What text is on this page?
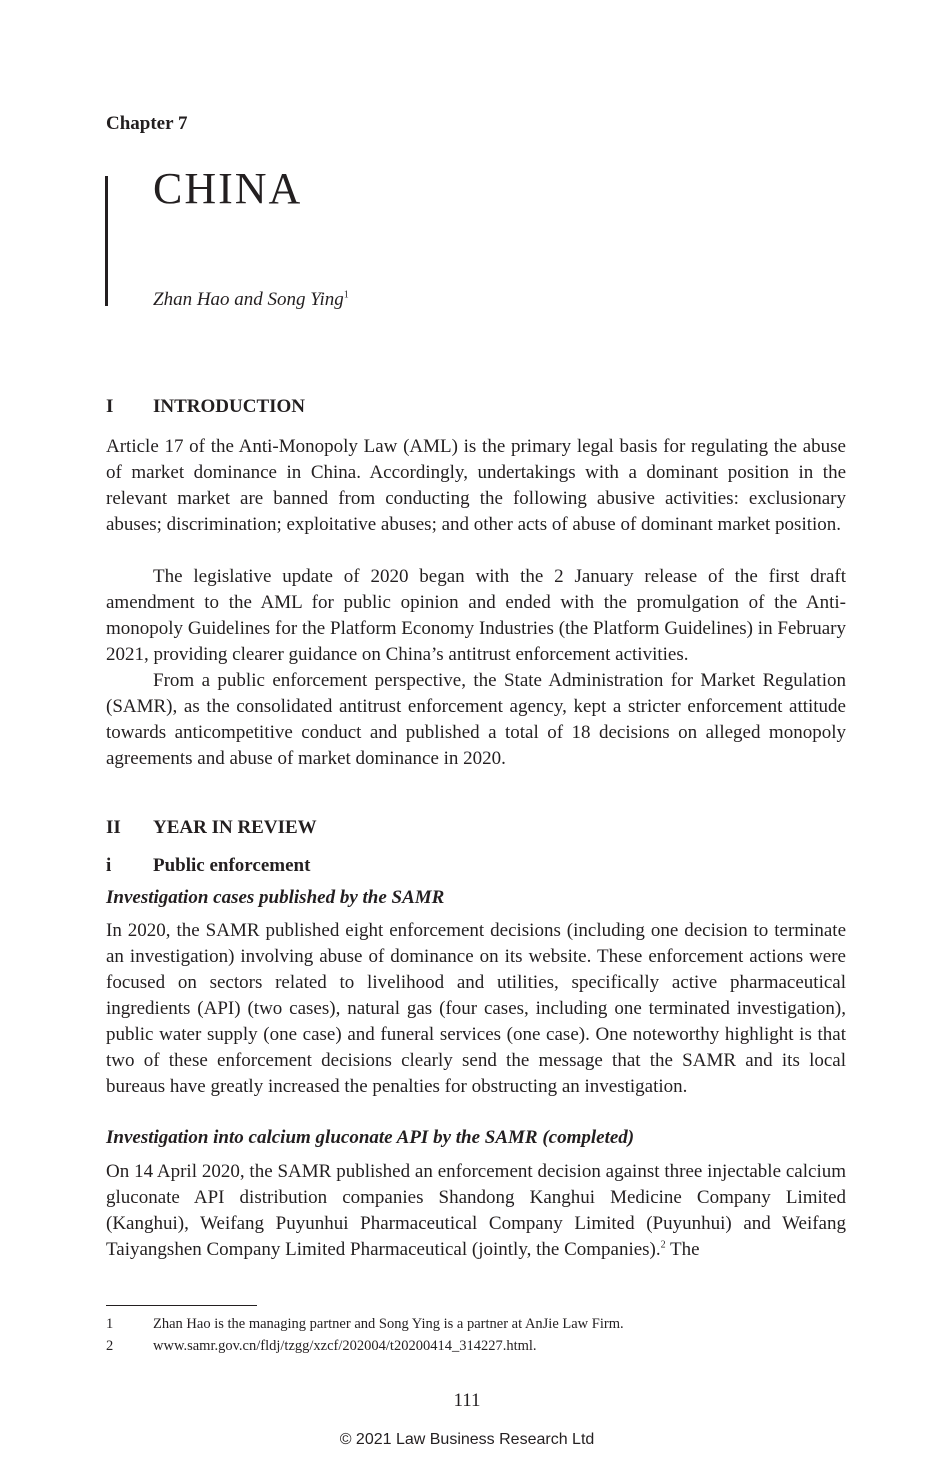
Chapter 7
CHINA
Zhan Hao and Song Ying$^1$
I INTRODUCTION

Article 17 of the Anti-Monopoly Law (AML) is the primary legal basis for regulating the abuse of market dominance in China. Accordingly, undertakings with a dominant position in the relevant market are banned from conducting the following abusive activities: exclusionary abuses; discrimination; exploitative abuses; and other acts of abuse of dominant market position.

The legislative update of 2020 began with the 2 January release of the first draft amendment to the AML for public opinion and ended with the promulgation of the Anti-monopoly Guidelines for the Platform Economy Industries (the Platform Guidelines) in February 2021, providing clearer guidance on China’s antitrust enforcement activities.

From a public enforcement perspective, the State Administration for Market Regulation (SAMR), as the consolidated antitrust enforcement agency, kept a stricter enforcement attitude towards anticompetitive conduct and published a total of 18 decisions on alleged monopoly agreements and abuse of market dominance in 2020.

II YEAR IN REVIEW
i Public enforcement
Investigation cases published by the SAMR

In 2020, the SAMR published eight enforcement decisions (including one decision to terminate an investigation) involving abuse of dominance on its website. These enforcement actions were focused on sectors related to livelihood and utilities, specifically active pharmaceutical ingredients (API) (two cases), natural gas (four cases, including one terminated investigation), public water supply (one case) and funeral services (one case). One noteworthy highlight is that two of these enforcement decisions clearly send the message that the SAMR and its local bureaus have greatly increased the penalties for obstructing an investigation.

Investigation into calcium gluconate API by the SAMR (completed)

On 14 April 2020, the SAMR published an enforcement decision against three injectable calcium gluconate API distribution companies Shandong Kanghui Medicine Company Limited (Kanghui), Weifang Puyunhui Pharmaceutical Company Limited (Puyunhui) and Weifang Taiyangshen Company Limited Pharmaceutical (jointly, the Companies).$^2$ The

1	Zhan Hao is the managing partner and Song Ying is a partner at AnJie Law Firm.
2	www.samr.gov.cn/fldj/tzgg/xzcf/202004/t20200414_314227.html.
111
© 2021 Law Business Research Ltd
